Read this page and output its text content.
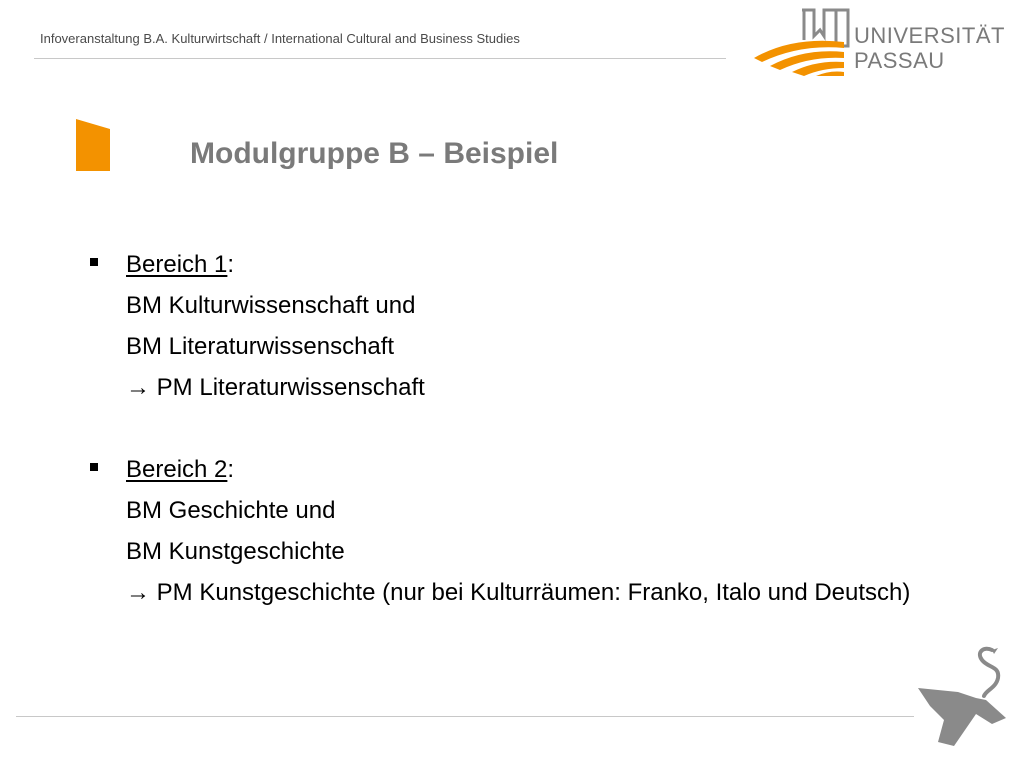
Infoveranstaltung B.A. Kulturwirtschaft / International Cultural and Business Studies	UNIVERSITÄT
PASSAU
Modulgruppe B – Beispiel
Bereich 1:
BM Kulturwissenschaft und
BM Literaturwissenschaft
→ PM Literaturwissenschaft
Bereich 2:
BM Geschichte und
BM Kunstgeschichte
→ PM Kunstgeschichte (nur bei Kulturräumen: Franko, Italo und Deutsch)
